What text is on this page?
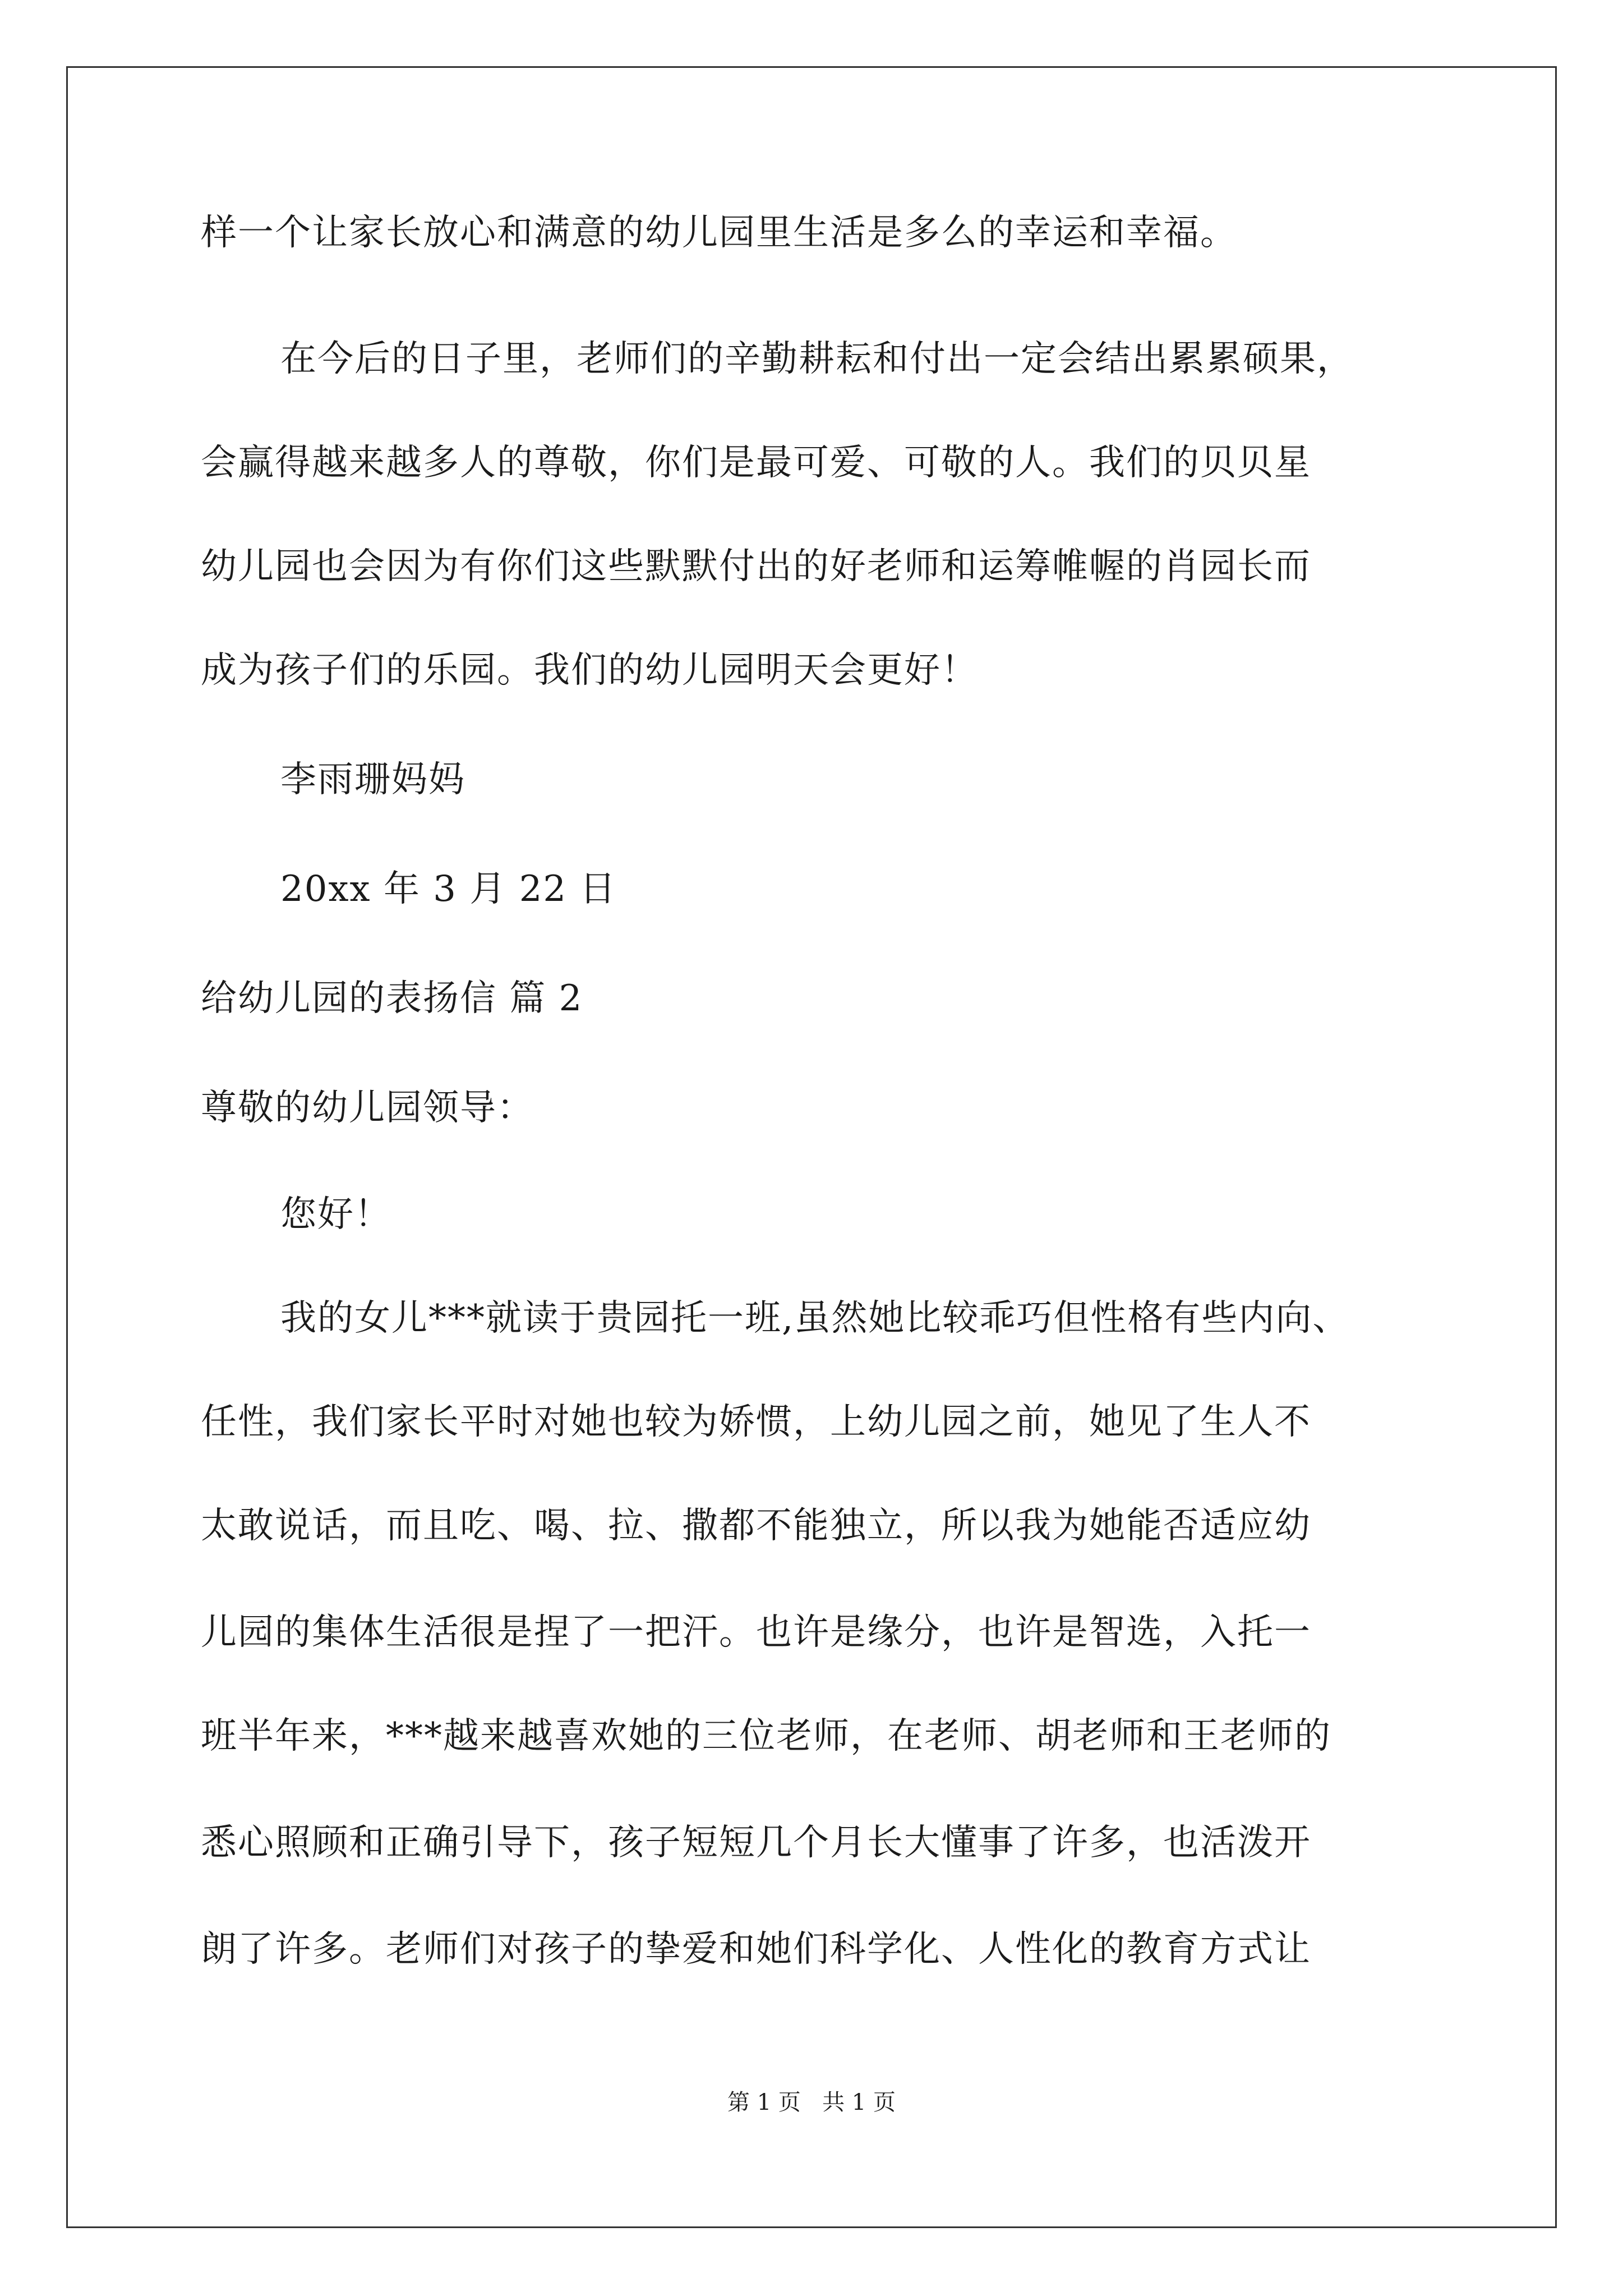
样一个让家长放心和满意的幼儿园里生活是多么的幸运和幸福。
在今后的日子里，老师们的辛勤耕耘和付出一定会结出累累硕果，
会赢得越来越多人的尊敬，你们是最可爱、可敬的人。我们的贝贝星
幼儿园也会因为有你们这些默默付出的好老师和运筹帷幄的肖园长而
成为孩子们的乐园。我们的幼儿园明天会更好！
李雨珊妈妈
20xx 年 3 月 22 日
给幼儿园的表扬信 篇 2
尊敬的幼儿园领导：
您好！
我的女儿***就读于贵园托一班,虽然她比较乖巧但性格有些内向、
任性，我们家长平时对她也较为娇惯，上幼儿园之前，她见了生人不
太敢说话，而且吃、喝、拉、撒都不能独立，所以我为她能否适应幼
儿园的集体生活很是捏了一把汗。也许是缘分，也许是智选，入托一
班半年来，***越来越喜欢她的三位老师，在老师、胡老师和王老师的
悉心照顾和正确引导下，孩子短短几个月长大懂事了许多，也活泼开
朗了许多。老师们对孩子的挚爱和她们科学化、人性化的教育方式让
第 1 页   共 1 页
